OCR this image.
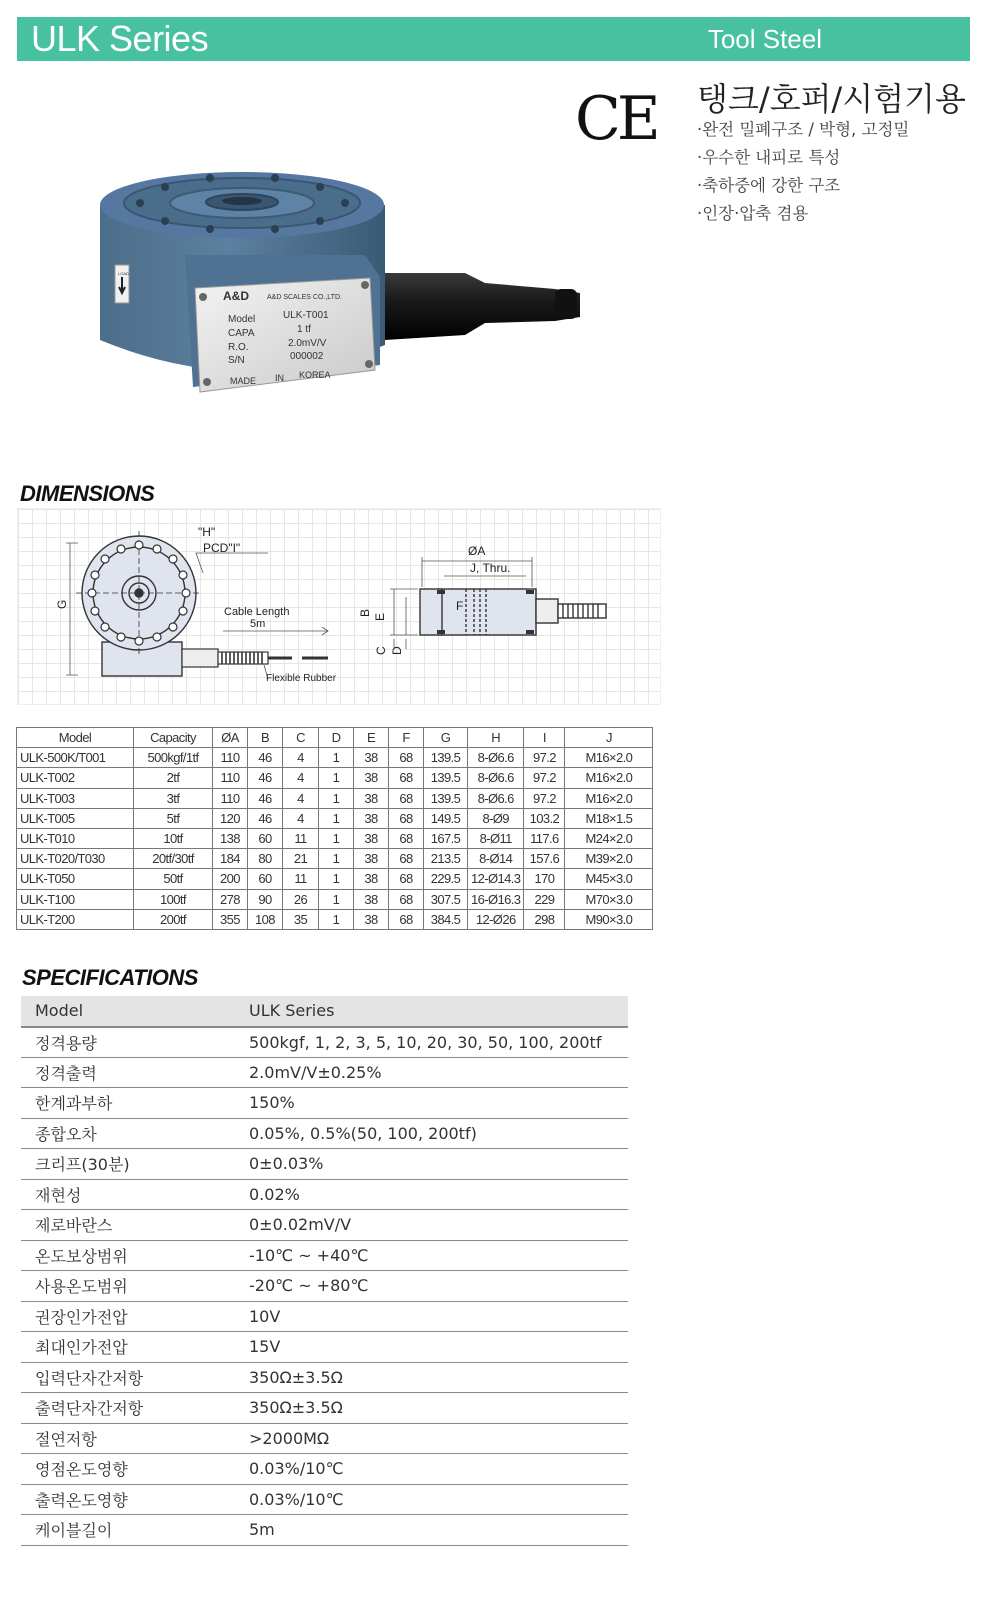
ULK Series	Tool Steel
CE 탱크/호퍼/시험기용
·완전 밀폐구조 / 박형, 고정밀
·우수한 내피로 특성
·축하중에 강한 구조
·인장·압축 겸용
A&D	A&D SCALES CO.,LTD.
Model	ULK-T001
CAPA	1 tf
R.O.	2.0mV/V
S/N	000002
MADE IN KOREA
LOAD
DIMENSIONS
"H"
PCD"I"
G
Cable Length
5m
Flexible Rubber
ØA
J, Thru.
F
B E
C D
Model	Capacity	ØA	B	C	D	E	F	G	H	I	J
ULK-500K/T001	500kgf/1tf	110	46	4	1	38	68	139.5	8-Ø6.6	97.2	M16×2.0
ULK-T002	2tf	110	46	4	1	38	68	139.5	8-Ø6.6	97.2	M16×2.0
ULK-T003	3tf	110	46	4	1	38	68	139.5	8-Ø6.6	97.2	M16×2.0
ULK-T005	5tf	120	46	4	1	38	68	149.5	8-Ø9	103.2	M18×1.5
ULK-T010	10tf	138	60	11	1	38	68	167.5	8-Ø11	117.6	M24×2.0
ULK-T020/T030	20tf/30tf	184	80	21	1	38	68	213.5	8-Ø14	157.6	M39×2.0
ULK-T050	50tf	200	60	11	1	38	68	229.5	12-Ø14.3	170	M45×3.0
ULK-T100	100tf	278	90	26	1	38	68	307.5	16-Ø16.3	229	M70×3.0
ULK-T200	200tf	355	108	35	1	38	68	384.5	12-Ø26	298	M90×3.0
SPECIFICATIONS
Model	ULK Series
정격용량	500kgf, 1, 2, 3, 5, 10, 20, 30, 50, 100, 200tf
정격출력	2.0mV/V±0.25%
한계과부하	150%
종합오차	0.05%, 0.5%(50, 100, 200tf)
크리프(30분)	0±0.03%
재현성	0.02%
제로바란스	0±0.02mV/V
온도보상범위	-10℃ ~ +40℃
사용온도범위	-20℃ ~ +80℃
권장인가전압	10V
최대인가전압	15V
입력단자간저항	350Ω±3.5Ω
출력단자간저항	350Ω±3.5Ω
절연저항	>2000MΩ
영점온도영향	0.03%/10℃
출력온도영향	0.03%/10℃
케이블길이	5m
